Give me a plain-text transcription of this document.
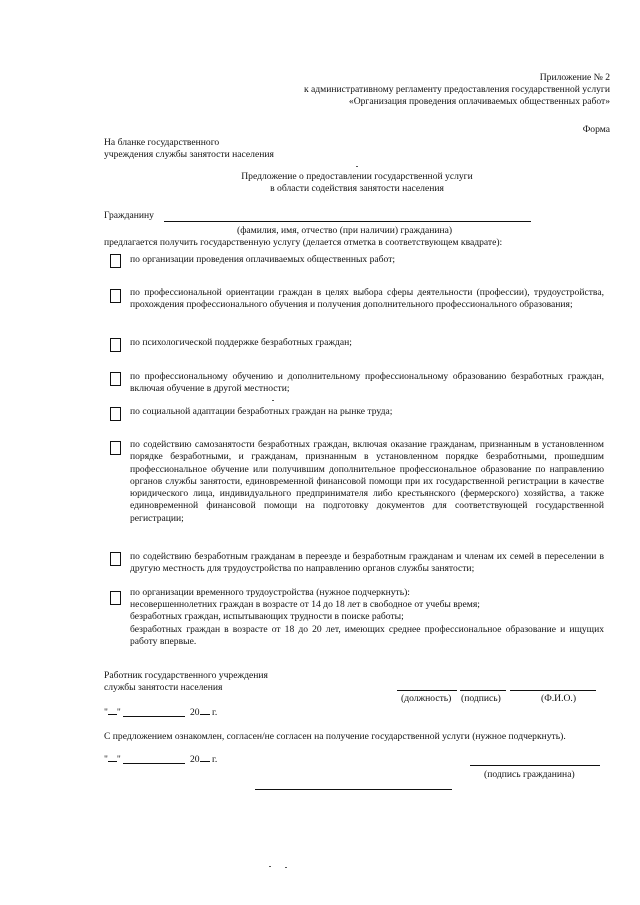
Приложение № 2
к административному регламенту предоставления государственной услуги
«Организация проведения оплачиваемых общественных работ»
Форма
На бланке государственного
учреждения службы занятости населения
Предложение о предоставлении государственной услуги
в области содействия занятости населения
Гражданину
(фамилия, имя, отчество (при наличии) гражданина)
предлагается получить государственную услугу (делается отметка в соответствующем квадрате):
по организации проведения оплачиваемых общественных работ;
по профессиональной ориентации граждан в целях выбора сферы деятельности (профессии), трудоустройства, прохождения профессионального обучения и получения дополнительного профессионального образования;
по психологической поддержке безработных граждан;
по профессиональному обучению и дополнительному профессиональному образованию безработных граждан, включая обучение в другой местности;
по социальной адаптации безработных граждан на рынке труда;
по содействию самозанятости безработных граждан, включая оказание гражданам, признанным в установленном порядке безработными, и гражданам, признанным в установленном порядке безработными, прошедшим профессиональное обучение или получившим дополнительное профессиональное образование по направлению органов службы занятости, единовременной финансовой помощи при их государственной регистрации в качестве юридического лица, индивидуального предпринимателя либо крестьянского (фермерского) хозяйства, а также единовременной финансовой помощи на подготовку документов для соответствующей государственной регистрации;
по содействию безработным гражданам в переезде и безработным гражданам и членам их семей в переселении в другую местность для трудоустройства по направлению органов службы занятости;
по организации временного трудоустройства (нужное подчеркнуть):
несовершеннолетних граждан в возрасте от 14 до 18 лет в свободное от учебы время;
безработных граждан, испытывающих трудности в поиске работы;
безработных граждан в возрасте от 18 до 20 лет, имеющих среднее профессиональное образование и ищущих работу впервые.
Работник государственного учреждения
службы занятости населения
(должность) (подпись)	(Ф.И.О.)
" "	20 г.
С предложением ознакомлен, согласен/не согласен на получение государственной услуги (нужное подчеркнуть).
" "	20 г.
(подпись гражданина)
